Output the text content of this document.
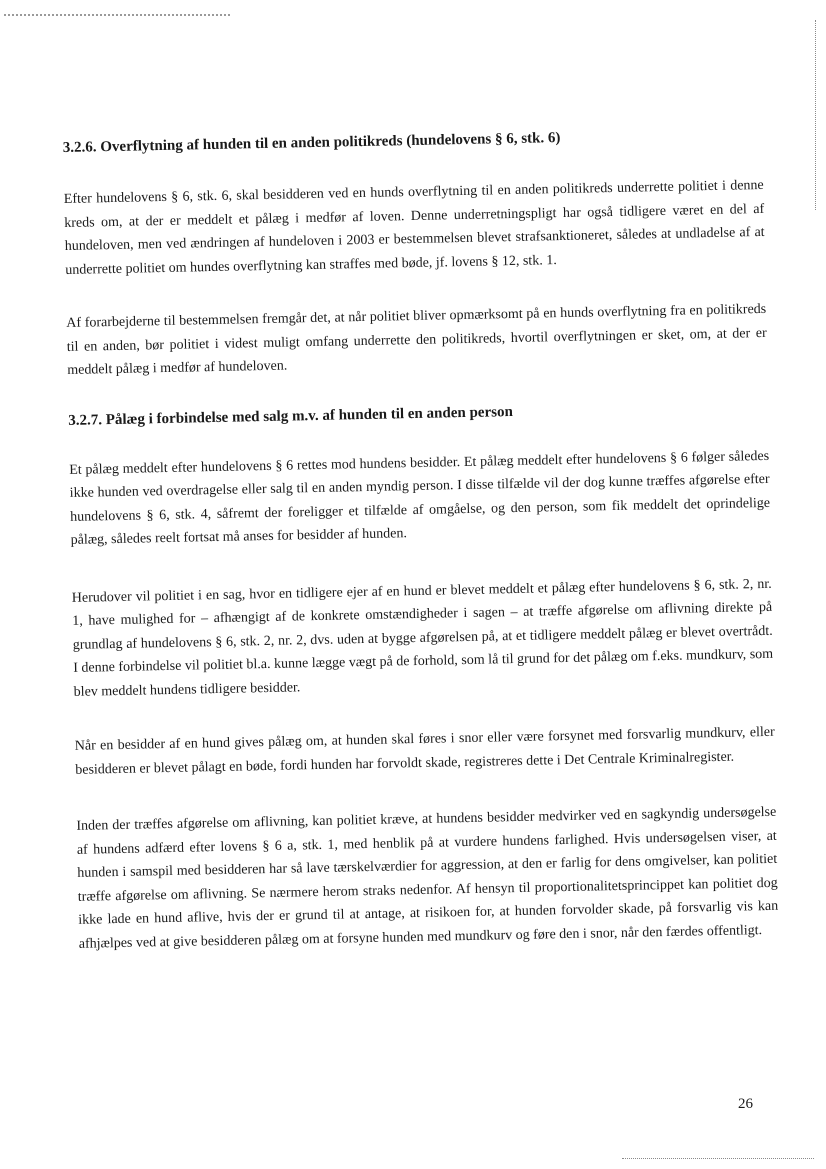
3.2.6. Overflytning af hunden til en anden politikreds (hundelovens § 6, stk. 6)

Efter hundelovens § 6, stk. 6, skal besidderen ved en hunds overflytning til en anden politikreds underrette politiet i denne kreds om, at der er meddelt et pålæg i medfør af loven. Denne underretningspligt har også tidligere været en del af hundeloven, men ved ændringen af hundeloven i 2003 er bestemmelsen blevet strafsanktioneret, således at undladelse af at underrette politiet om hundes overflytning kan straffes med bøde, jf. lovens § 12, stk. 1.

Af forarbejderne til bestemmelsen fremgår det, at når politiet bliver opmærksomt på en hunds overflytning fra en politikreds til en anden, bør politiet i videst muligt omfang underrette den politikreds, hvortil overflytningen er sket, om, at der er meddelt pålæg i medfør af hundeloven.

3.2.7. Pålæg i forbindelse med salg m.v. af hunden til en anden person

Et pålæg meddelt efter hundelovens § 6 rettes mod hundens besidder. Et pålæg meddelt efter hundelovens § 6 følger således ikke hunden ved overdragelse eller salg til en anden myndig person. I disse tilfælde vil der dog kunne træffes afgørelse efter hundelovens § 6, stk. 4, såfremt der foreligger et tilfælde af omgåelse, og den person, som fik meddelt det oprindelige pålæg, således reelt fortsat må anses for besidder af hunden.

Herudover vil politiet i en sag, hvor en tidligere ejer af en hund er blevet meddelt et pålæg efter hundelovens § 6, stk. 2, nr. 1, have mulighed for – afhængigt af de konkrete omstændigheder i sagen – at træffe afgørelse om aflivning direkte på grundlag af hundelovens § 6, stk. 2, nr. 2, dvs. uden at bygge afgørelsen på, at et tidligere meddelt pålæg er blevet overtrådt. I denne forbindelse vil politiet bl.a. kunne lægge vægt på de forhold, som lå til grund for det pålæg om f.eks. mundkurv, som blev meddelt hundens tidligere besidder.

Når en besidder af en hund gives pålæg om, at hunden skal føres i snor eller være forsynet med forsvarlig mundkurv, eller besidderen er blevet pålagt en bøde, fordi hunden har forvoldt skade, registreres dette i Det Centrale Kriminalregister.

Inden der træffes afgørelse om aflivning, kan politiet kræve, at hundens besidder medvirker ved en sagkyndig undersøgelse af hundens adfærd efter lovens § 6 a, stk. 1, med henblik på at vurdere hundens farlighed. Hvis undersøgelsen viser, at hunden i samspil med besidderen har så lave tærskelværdier for aggression, at den er farlig for dens omgivelser, kan politiet træffe afgørelse om aflivning. Se nærmere herom straks nedenfor. Af hensyn til proportionalitetsprincippet kan politiet dog ikke lade en hund aflive, hvis der er grund til at antage, at risikoen for, at hunden forvolder skade, på forsvarlig vis kan afhjælpes ved at give besidderen pålæg om at forsyne hunden med mundkurv og føre den i snor, når den færdes offentligt.

26
